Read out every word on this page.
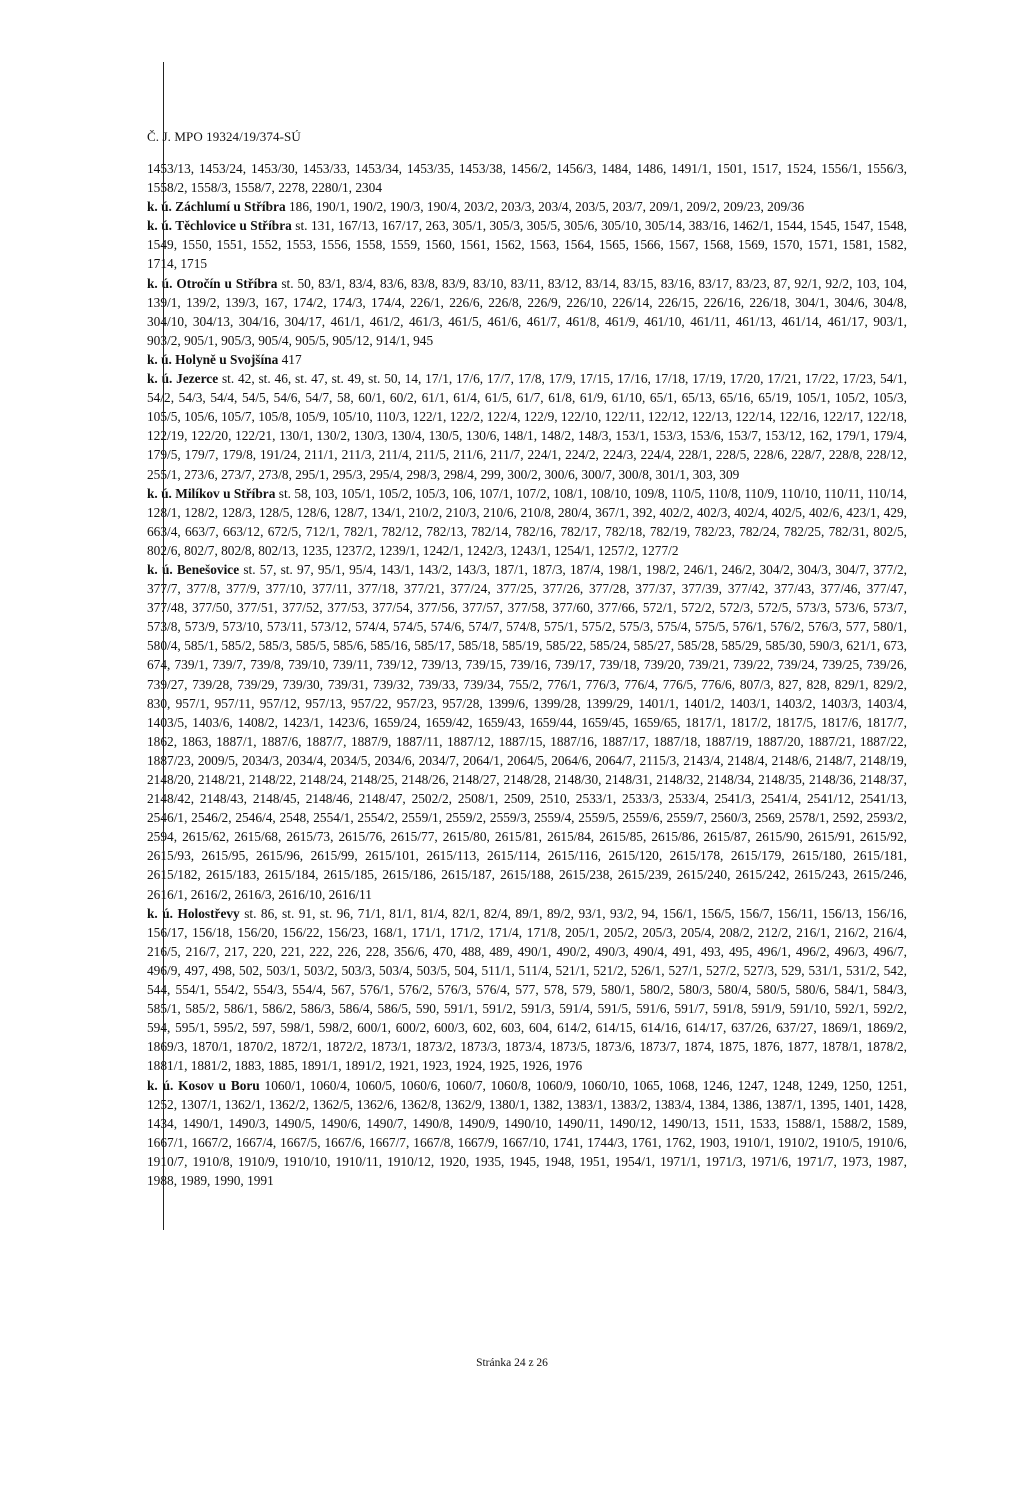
Č. J. MPO 19324/19/374-SÚ

1453/13, 1453/24, 1453/30, 1453/33, 1453/34, 1453/35, 1453/38, 1456/2, 1456/3, 1484, 1486, 1491/1, 1501, 1517, 1524, 1556/1, 1556/3, 1558/2, 1558/3, 1558/7, 2278, 2280/1, 2304

k. ú. Záchlumí u Stříbra 186, 190/1, 190/2, 190/3, 190/4, 203/2, 203/3, 203/4, 203/5, 203/7, 209/1, 209/2, 209/23, 209/36

k. ú. Těchlovice u Stříbra st. 131, 167/13, 167/17, 263, 305/1, 305/3, 305/5, 305/6, 305/10, 305/14, 383/16, 1462/1, 1544, 1545, 1547, 1548, 1549, 1550, 1551, 1552, 1553, 1556, 1558, 1559, 1560, 1561, 1562, 1563, 1564, 1565, 1566, 1567, 1568, 1569, 1570, 1571, 1581, 1582, 1714, 1715

k. ú. Otročín u Stříbra st. 50, 83/1, 83/4, 83/6, 83/8, 83/9, 83/10, 83/11, 83/12, 83/14, 83/15, 83/16, 83/17, 83/23, 87, 92/1, 92/2, 103, 104, 139/1, 139/2, 139/3, 167, 174/2, 174/3, 174/4, 226/1, 226/6, 226/8, 226/9, 226/10, 226/14, 226/15, 226/16, 226/18, 304/1, 304/6, 304/8, 304/10, 304/13, 304/16, 304/17, 461/1, 461/2, 461/3, 461/5, 461/6, 461/7, 461/8, 461/9, 461/10, 461/11, 461/13, 461/14, 461/17, 903/1, 903/2, 905/1, 905/3, 905/4, 905/5, 905/12, 914/1, 945

k. ú. Holyně u Svojšína 417

k. ú. Jezerce st. 42, st. 46, st. 47, st. 49, st. 50, 14, 17/1, 17/6, 17/7, 17/8, 17/9, 17/15, 17/16, 17/18, 17/19, 17/20, 17/21, 17/22, 17/23, 54/1, 54/2, 54/3, 54/4, 54/5, 54/6, 54/7, 58, 60/1, 60/2, 61/1, 61/4, 61/5, 61/7, 61/8, 61/9, 61/10, 65/1, 65/13, 65/16, 65/19, 105/1, 105/2, 105/3, 105/5, 105/6, 105/7, 105/8, 105/9, 105/10, 110/3, 122/1, 122/2, 122/4, 122/9, 122/10, 122/11, 122/12, 122/13, 122/14, 122/16, 122/17, 122/18, 122/19, 122/20, 122/21, 130/1, 130/2, 130/3, 130/4, 130/5, 130/6, 148/1, 148/2, 148/3, 153/1, 153/3, 153/6, 153/7, 153/12, 162, 179/1, 179/4, 179/5, 179/7, 179/8, 191/24, 211/1, 211/3, 211/4, 211/5, 211/6, 211/7, 224/1, 224/2, 224/3, 224/4, 228/1, 228/5, 228/6, 228/7, 228/8, 228/12, 255/1, 273/6, 273/7, 273/8, 295/1, 295/3, 295/4, 298/3, 298/4, 299, 300/2, 300/6, 300/7, 300/8, 301/1, 303, 309

k. ú. Milíkov u Stříbra st. 58, 103, 105/1, 105/2, 105/3, 106, 107/1, 107/2, 108/1, 108/10, 109/8, 110/5, 110/8, 110/9, 110/10, 110/11, 110/14, 128/1, 128/2, 128/3, 128/5, 128/6, 128/7, 134/1, 210/2, 210/3, 210/6, 210/8, 280/4, 367/1, 392, 402/2, 402/3, 402/4, 402/5, 402/6, 423/1, 429, 663/4, 663/7, 663/12, 672/5, 712/1, 782/1, 782/12, 782/13, 782/14, 782/16, 782/17, 782/18, 782/19, 782/23, 782/24, 782/25, 782/31, 802/5, 802/6, 802/7, 802/8, 802/13, 1235, 1237/2, 1239/1, 1242/1, 1242/3, 1243/1, 1254/1, 1257/2, 1277/2

k. ú. Benešovice st. 57, st. 97, 95/1, 95/4, 143/1, 143/2, 143/3, 187/1, 187/3, 187/4, 198/1, 198/2, 246/1, 246/2, 304/2, 304/3, 304/7, 377/2, 377/7, 377/8, 377/9, 377/10, 377/11, 377/18, 377/21, 377/24, 377/25, 377/26, 377/28, 377/37, 377/39, 377/42, 377/43, 377/46, 377/47, 377/48, 377/50, 377/51, 377/52, 377/53, 377/54, 377/56, 377/57, 377/58, 377/60, 377/66, 572/1, 572/2, 572/3, 572/5, 573/3, 573/6, 573/7, 573/8, 573/9, 573/10, 573/11, 573/12, 574/4, 574/5, 574/6, 574/7, 574/8, 575/1, 575/2, 575/3, 575/4, 575/5, 576/1, 576/2, 576/3, 577, 580/1, 580/4, 585/1, 585/2, 585/3, 585/5, 585/6, 585/16, 585/17, 585/18, 585/19, 585/22, 585/24, 585/27, 585/28, 585/29, 585/30, 590/3, 621/1, 673, 674, 739/1, 739/7, 739/8, 739/10, 739/11, 739/12, 739/13, 739/15, 739/16, 739/17, 739/18, 739/20, 739/21, 739/22, 739/24, 739/25, 739/26, 739/27, 739/28, 739/29, 739/30, 739/31, 739/32, 739/33, 739/34, 755/2, 776/1, 776/3, 776/4, 776/5, 776/6, 807/3, 827, 828, 829/1, 829/2, 830, 957/1, 957/11, 957/12, 957/13, 957/22, 957/23, 957/28, 1399/6, 1399/28, 1399/29, 1401/1, 1401/2, 1403/1, 1403/2, 1403/3, 1403/4, 1403/5, 1403/6, 1408/2, 1423/1, 1423/6, 1659/24, 1659/42, 1659/43, 1659/44, 1659/45, 1659/65, 1817/1, 1817/2, 1817/5, 1817/6, 1817/7, 1862, 1863, 1887/1, 1887/6, 1887/7, 1887/9, 1887/11, 1887/12, 1887/15, 1887/16, 1887/17, 1887/18, 1887/19, 1887/20, 1887/21, 1887/22, 1887/23, 2009/5, 2034/3, 2034/4, 2034/5, 2034/6, 2034/7, 2064/1, 2064/5, 2064/6, 2064/7, 2115/3, 2143/4, 2148/4, 2148/6, 2148/7, 2148/19, 2148/20, 2148/21, 2148/22, 2148/24, 2148/25, 2148/26, 2148/27, 2148/28, 2148/30, 2148/31, 2148/32, 2148/34, 2148/35, 2148/36, 2148/37, 2148/42, 2148/43, 2148/45, 2148/46, 2148/47, 2502/2, 2508/1, 2509, 2510, 2533/1, 2533/3, 2533/4, 2541/3, 2541/4, 2541/12, 2541/13, 2546/1, 2546/2, 2546/4, 2548, 2554/1, 2554/2, 2559/1, 2559/2, 2559/3, 2559/4, 2559/5, 2559/6, 2559/7, 2560/3, 2569, 2578/1, 2592, 2593/2, 2594, 2615/62, 2615/68, 2615/73, 2615/76, 2615/77, 2615/80, 2615/81, 2615/84, 2615/85, 2615/86, 2615/87, 2615/90, 2615/91, 2615/92, 2615/93, 2615/95, 2615/96, 2615/99, 2615/101, 2615/113, 2615/114, 2615/116, 2615/120, 2615/178, 2615/179, 2615/180, 2615/181, 2615/182, 2615/183, 2615/184, 2615/185, 2615/186, 2615/187, 2615/188, 2615/238, 2615/239, 2615/240, 2615/242, 2615/243, 2615/246, 2616/1, 2616/2, 2616/3, 2616/10, 2616/11

k. ú. Holostřevy st. 86, st. 91, st. 96, 71/1, 81/1, 81/4, 82/1, 82/4, 89/1, 89/2, 93/1, 93/2, 94, 156/1, 156/5, 156/7, 156/11, 156/13, 156/16, 156/17, 156/18, 156/20, 156/22, 156/23, 168/1, 171/1, 171/2, 171/4, 171/8, 205/1, 205/2, 205/3, 205/4, 208/2, 212/2, 216/1, 216/2, 216/4, 216/5, 216/7, 217, 220, 221, 222, 226, 228, 356/6, 470, 488, 489, 490/1, 490/2, 490/3, 490/4, 491, 493, 495, 496/1, 496/2, 496/3, 496/7, 496/9, 497, 498, 502, 503/1, 503/2, 503/3, 503/4, 503/5, 504, 511/1, 511/4, 521/1, 521/2, 526/1, 527/1, 527/2, 527/3, 529, 531/1, 531/2, 542, 544, 554/1, 554/2, 554/3, 554/4, 567, 576/1, 576/2, 576/3, 576/4, 577, 578, 579, 580/1, 580/2, 580/3, 580/4, 580/5, 580/6, 584/1, 584/3, 585/1, 585/2, 586/1, 586/2, 586/3, 586/4, 586/5, 590, 591/1, 591/2, 591/3, 591/4, 591/5, 591/6, 591/7, 591/8, 591/9, 591/10, 592/1, 592/2, 594, 595/1, 595/2, 597, 598/1, 598/2, 600/1, 600/2, 600/3, 602, 603, 604, 614/2, 614/15, 614/16, 614/17, 637/26, 637/27, 1869/1, 1869/2, 1869/3, 1870/1, 1870/2, 1872/1, 1872/2, 1873/1, 1873/2, 1873/3, 1873/4, 1873/5, 1873/6, 1873/7, 1874, 1875, 1876, 1877, 1878/1, 1878/2, 1881/1, 1881/2, 1883, 1885, 1891/1, 1891/2, 1921, 1923, 1924, 1925, 1926, 1976

k. ú. Kosov u Boru 1060/1, 1060/4, 1060/5, 1060/6, 1060/7, 1060/8, 1060/9, 1060/10, 1065, 1068, 1246, 1247, 1248, 1249, 1250, 1251, 1252, 1307/1, 1362/1, 1362/2, 1362/5, 1362/6, 1362/8, 1362/9, 1380/1, 1382, 1383/1, 1383/2, 1383/4, 1384, 1386, 1387/1, 1395, 1401, 1428, 1434, 1490/1, 1490/3, 1490/5, 1490/6, 1490/7, 1490/8, 1490/9, 1490/10, 1490/11, 1490/12, 1490/13, 1511, 1533, 1588/1, 1588/2, 1589, 1667/1, 1667/2, 1667/4, 1667/5, 1667/6, 1667/7, 1667/8, 1667/9, 1667/10, 1741, 1744/3, 1761, 1762, 1903, 1910/1, 1910/2, 1910/5, 1910/6, 1910/7, 1910/8, 1910/9, 1910/10, 1910/11, 1910/12, 1920, 1935, 1945, 1948, 1951, 1954/1, 1971/1, 1971/3, 1971/6, 1971/7, 1973, 1987, 1988, 1989, 1990, 1991

Stránka 24 z 26
